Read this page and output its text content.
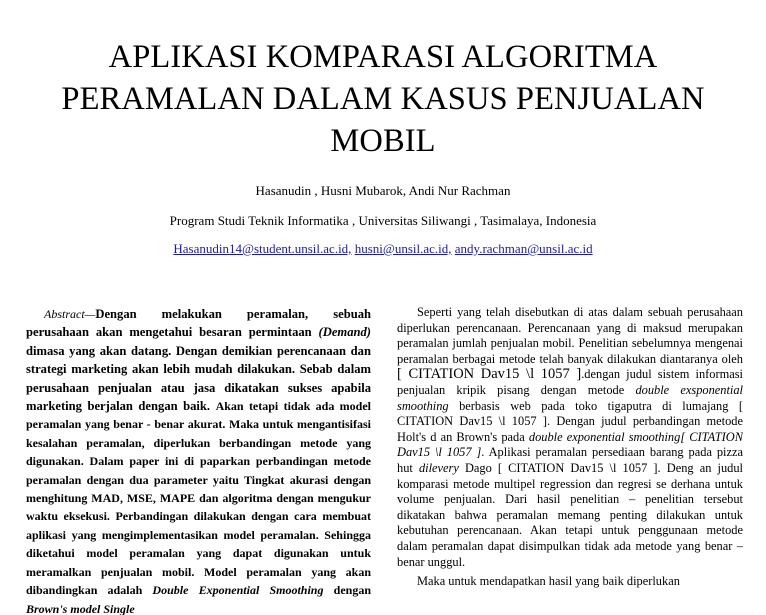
APLIKASI KOMPARASI ALGORITMA
PERAMALAN DALAM KASUS PENJUALAN
MOBIL
Hasanudin , Husni Mubarok, Andi Nur Rachman
Program Studi Teknik Informatika , Universitas Siliwangi , Tasimalaya, Indonesia
Hasanudin14@student.unsil.ac.id, husni@unsil.ac.id, andy.rachman@unsil.ac.id

Abstract—Dengan melakukan peramalan, sebuah perusahaan akan mengetahui besaran permintaan (Demand) dimasa yang akan datang. Dengan demikian perencanaan dan strategi marketing akan lebih mudah dilakukan. Sebab dalam perusahaan penjualan atau jasa dikatakan sukses apabila marketing berjalan dengan baik. Akan tetapi tidak ada model peramalan yang benar - benar akurat. Maka untuk mengantisifasi kesalahan peramalan, diperlukan berbandingan metode yang digunakan. Dalam paper ini di paparkan perbandingan metode peramalan dengan dua parameter yaitu Tingkat akurasi dengan menghitung MAD, MSE, MAPE dan algoritma dengan mengukur waktu eksekusi. Perbandingan dilakukan dengan cara membuat aplikasi yang mengimplementasikan model peramalan. Sehingga diketahui model peramalan yang dapat digunakan untuk meramalkan penjualan mobil. Model peramalan yang akan dibandingkan adalah Double Exponential Smoothing dengan Brown's model Single

Seperti yang telah disebutkan di atas dalam sebuah perusahaan diperlukan perencanaan. Perencanaan yang di maksud merupakan peramalan jumlah penjualan mobil. Penelitian sebelumnya mengenai peramalan berbagai metode telah banyak dilakukan diantaranya oleh [ CITATION Dav15 \l 1057 ].dengan judul sistem informasi penjualan kripik pisang dengan metode double exsponential smoothing berbasis web pada toko tigaputra di lumajang [ CITATION Dav15 \l 1057 ]. Dengan judul perbandingan metode Holt's d an Brown's pada double exponential smoothing[ CITATION Dav15 \l 1057 ]. Aplikasi peramalan persediaan barang pada pizza hut dilevery Dago [ CITATION Dav15 \l 1057 ]. Deng an judul komparasi metode multipel regression dan regresi se derhana untuk volume penjualan. Dari hasil penelitian – penelitian tersebut dikatakan bahwa peramalan memang penting dilakukan untuk kebutuhan perencanaan. Akan tetapi untuk penggunaan metode dalam peramalan dapat disimpulkan tidak ada metode yang benar – benar unggul.

Maka untuk mendapatkan hasil yang baik diperlukan
